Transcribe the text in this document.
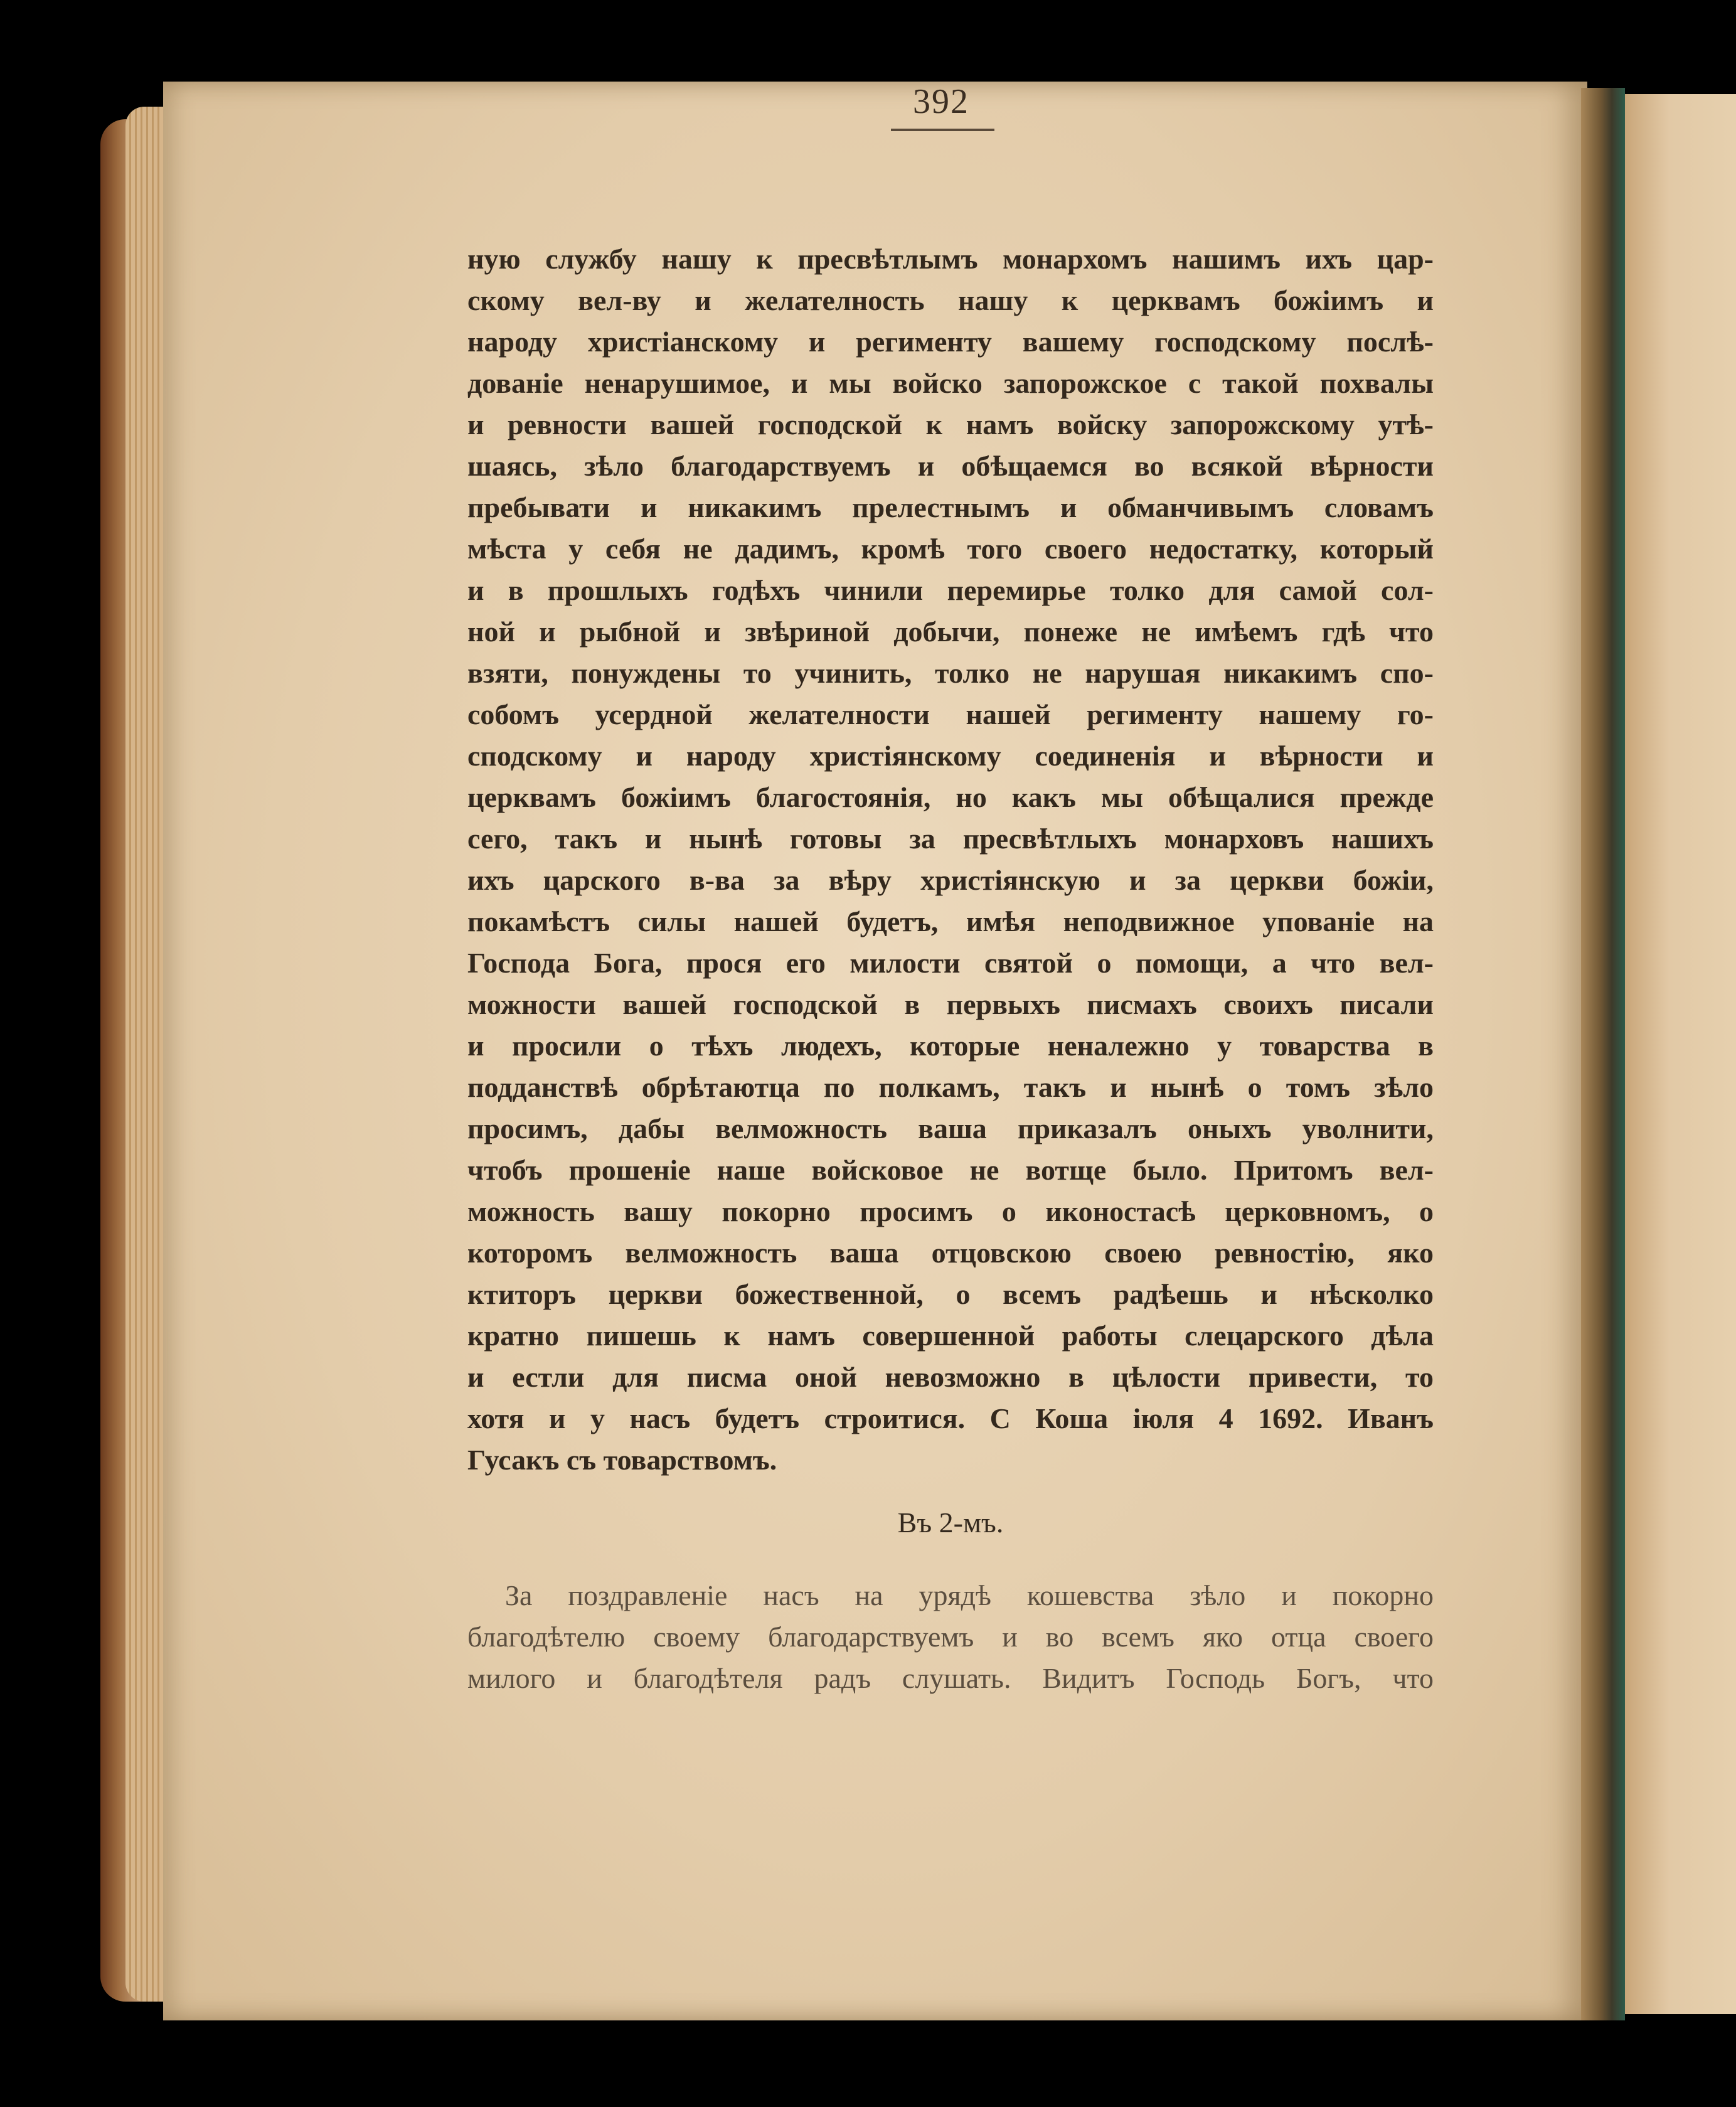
392
ную службу нашу к пресвѣтлымъ монархомъ нашимъ ихъ цар-
скому вел-ву и желателность нашу к церквамъ божіимъ и
народу христіанскому и регименту вашему господскому послѣ-
дованіе ненарушимое, и мы войско запорожское с такой похвалы
и ревности вашей господской к намъ войску запорожскому утѣ-
шаясь, зѣло благодарствуемъ и обѣщаемся во всякой вѣрности
пребывати и никакимъ прелестнымъ и обманчивымъ словамъ
мѣста у себя не дадимъ, кромѣ того своего недостатку, который
и в прошлыхъ годѣхъ чинили перемирье толко для самой сол-
ной и рыбной и звѣриной добычи, понеже не имѣемъ гдѣ что
взяти, понуждены то учинить, толко не нарушая никакимъ спо-
собомъ усердной желателности нашей регименту нашему го-
сподскому и народу христіянскому соединенія и вѣрности и
церквамъ божіимъ благостоянія, но какъ мы обѣщалися прежде
сего, такъ и нынѣ готовы за пресвѣтлыхъ монарховъ нашихъ
ихъ царского в-ва за вѣру христіянскую и за церкви божіи,
покамѣстъ силы нашей будетъ, имѣя неподвижное упованіе на
Господа Бога, прося его милости святой о помощи, а что вел-
можности вашей господской в первыхъ писмахъ своихъ писали
и просили о тѣхъ людехъ, которые неналежно у товарства в
подданствѣ обрѣтаютца по полкамъ, такъ и нынѣ о томъ зѣло
просимъ, дабы велможность ваша приказалъ оныхъ уволнити,
чтобъ прошеніе наше войсковое не вотще было. Притомъ вел-
можность вашу покорно просимъ о иконостасѣ церковномъ, о
которомъ велможность ваша отцовскою своею ревностію, яко
ктиторъ церкви божественной, о всемъ радѣешь и нѣсколко
кратно пишешь к намъ совершенной работы слецарского дѣла
и естли для писма оной невозможно в цѣлости привести, то
хотя и у насъ будетъ строитися. С Коша іюля 4 1692. Иванъ
Гусакъ съ товарствомъ.
Въ 2-мъ.
За поздравленіе насъ на урядѣ кошевства зѣло и покорно
благодѣтелю своему благодарствуемъ и во всемъ яко отца своего
милого и благодѣтеля радъ слушать. Видитъ Господь Богъ, что
